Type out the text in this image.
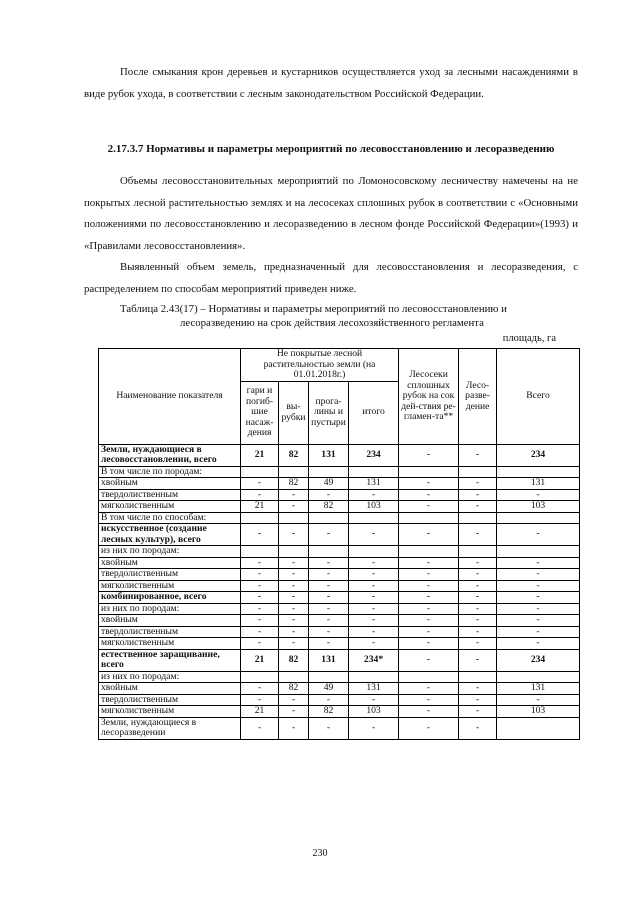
После смыкания крон деревьев и кустарников осуществляется уход за лесными насаждениями в виде рубок ухода, в соответствии с лесным законодательством Российской Федерации.

2.17.3.7 Нормативы и параметры мероприятий по лесовосстановлению и лесоразведению

Объемы лесовосстановительных мероприятий по Ломоносовскому лесничеству намечены на не покрытых лесной растительностью землях и на лесосеках сплошных рубок в соответствии с «Основными положениями по лесовосстановлению и лесоразведению в лесном фонде Российской Федерации»(1993) и «Правилами лесовосстановления».

Выявленный объем земель, предназначенный для лесовосстановления и лесоразведения, с распределением по способам мероприятий приведен ниже.

Таблица 2.43(17) – Нормативы и параметры мероприятий по лесовосстановлению и
лесоразведению на срок действия лесохозяйственного регламента
площадь, га
Наименование показателя	Не покрытые лесной растительностью земли (на 01.01.2018г.)				Лесосеки сплошных рубок на сок дей-ствия ре-гламен-та**	Лесо-разве-дение	Всего
	гари и погиб-шие насаж-дения	вы-рубки	прога-лины и пустыри	итого			
Земли, нуждающиеся в лесовосстановлении, всего	21	82	131	234	-	-	234
В том числе по породам:							
хвойным	-	82	49	131	-	-	131
твердолиственным	-	-	-	-	-	-	-
мягколиственным	21	-	82	103	-	-	103
В том числе по способам:							
искусственное (создание лесных культур), всего	-	-	-	-	-	-	-
из них по породам:							
хвойным	-	-	-	-	-	-	-
твердолиственным	-	-	-	-	-	-	-
мягколиственным	-	-	-	-	-	-	-
комбинированное, всего	-	-	-	-	-	-	-
из них по породам:	-	-	-	-	-	-	-
хвойным	-	-	-	-	-	-	-
твердолиственным	-	-	-	-	-	-	-
мягколиственным	-	-	-	-	-	-	-
естественное заращивание, всего	21	82	131	234*	-	-	234
из них по породам:							
хвойным	-	82	49	131	-	-	131
твердолиственным	-	-	-	-	-	-	-
мягколиственным	21	-	82	103	-	-	103
Земли, нуждающиеся в лесоразведении	-	-	-	-	-	-	
230
